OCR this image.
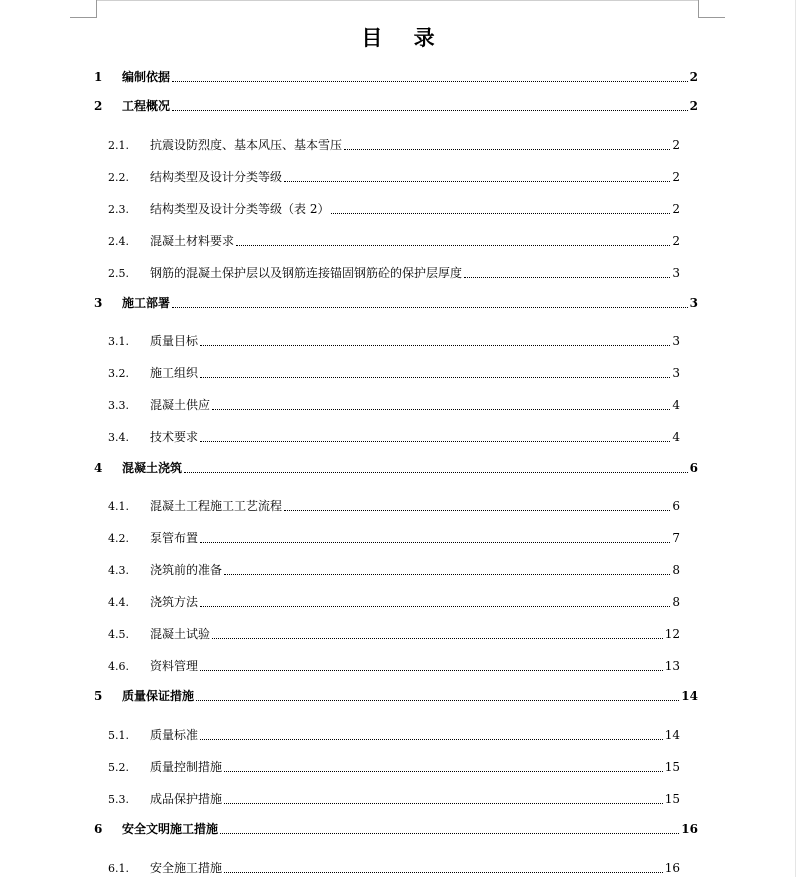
目 录
1	编制依据	2
2	工程概况	2
2.1.	抗震设防烈度、基本风压、基本雪压	2
2.2.	结构类型及设计分类等级	2
2.3.	结构类型及设计分类等级（表 2）	2
2.4.	混凝土材料要求	2
2.5.	钢筋的混凝土保护层以及钢筋连接锚固钢筋砼的保护层厚度	3
3	施工部署	3
3.1.	质量目标	3
3.2.	施工组织	3
3.3.	混凝土供应	4
3.4.	技术要求	4
4	混凝土浇筑	6
4.1.	混凝土工程施工工艺流程	6
4.2.	泵管布置	7
4.3.	浇筑前的准备	8
4.4.	浇筑方法	8
4.5.	混凝土试验	12
4.6.	资料管理	13
5	质量保证措施	14
5.1.	质量标准	14
5.2.	质量控制措施	15
5.3.	成品保护措施	15
6	安全文明施工措施	16
6.1.	安全施工措施	16
